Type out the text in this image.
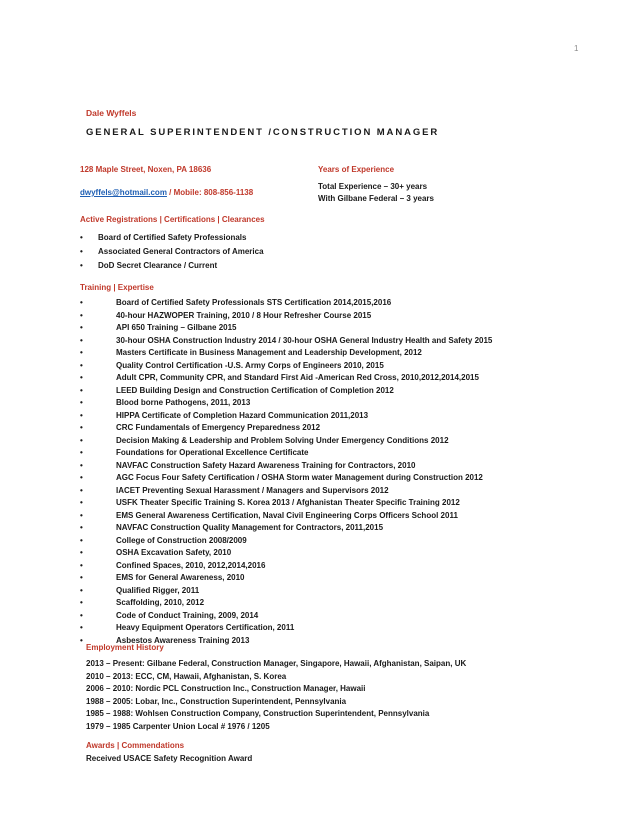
1
Dale Wyffels
GENERAL SUPERINTENDENT /CONSTRUCTION MANAGER
128 Maple Street, Noxen, PA 18636
dwyffels@hotmail.com / Mobile: 808-856-1138
Years of Experience
Total Experience – 30+ years
With Gilbane Federal – 3 years
Active Registrations | Certifications | Clearances
• Board of Certified Safety Professionals
• Associated General Contractors of America
• DoD Secret Clearance / Current
Training | Expertise
•	Board of Certified Safety Professionals STS Certification 2014,2015,2016
•	40-hour HAZWOPER Training, 2010 / 8 Hour Refresher Course 2015
•	API 650 Training – Gilbane 2015
•	30-hour OSHA Construction Industry 2014 / 30-hour OSHA General Industry Health and Safety 2015
•	Masters Certificate in Business Management and Leadership Development, 2012
•	Quality Control Certification -U.S. Army Corps of Engineers 2010, 2015
•	Adult CPR, Community CPR, and Standard First Aid -American Red Cross, 2010,2012,2014,2015
•	LEED Building Design and Construction Certification of Completion 2012
•	Blood borne Pathogens, 2011, 2013
•	HIPPA Certificate of Completion Hazard Communication 2011,2013
•	CRC Fundamentals of Emergency Preparedness 2012
•	Decision Making & Leadership and Problem Solving Under Emergency Conditions 2012
•	Foundations for Operational Excellence Certificate
•	NAVFAC Construction Safety Hazard Awareness Training for Contractors, 2010
•	AGC Focus Four Safety Certification / OSHA Storm water Management during Construction 2012
•	IACET Preventing Sexual Harassment / Managers and Supervisors 2012
•	USFK Theater Specific Training S. Korea 2013 / Afghanistan Theater Specific Training 2012
•	EMS General Awareness Certification, Naval Civil Engineering Corps Officers School 2011
•	NAVFAC Construction Quality Management for Contractors, 2011,2015
•	College of Construction 2008/2009
•	OSHA Excavation Safety, 2010
•	Confined Spaces, 2010, 2012,2014,2016
•	EMS for General Awareness, 2010
•	Qualified Rigger, 2011
•	Scaffolding, 2010, 2012
•	Code of Conduct Training, 2009, 2014
•	Heavy Equipment Operators Certification, 2011
•	Asbestos Awareness Training 2013
Employment History
2013 – Present: Gilbane Federal, Construction Manager, Singapore, Hawaii, Afghanistan, Saipan, UK
2010 – 2013: ECC, CM, Hawaii, Afghanistan, S. Korea
2006 – 2010: Nordic PCL Construction Inc., Construction Manager, Hawaii
1988 – 2005: Lobar, Inc., Construction Superintendent, Pennsylvania
1985 – 1988: Wohlsen Construction Company, Construction Superintendent, Pennsylvania
1979 – 1985 Carpenter Union Local # 1976 / 1205
Awards | Commendations
Received USACE Safety Recognition Award
